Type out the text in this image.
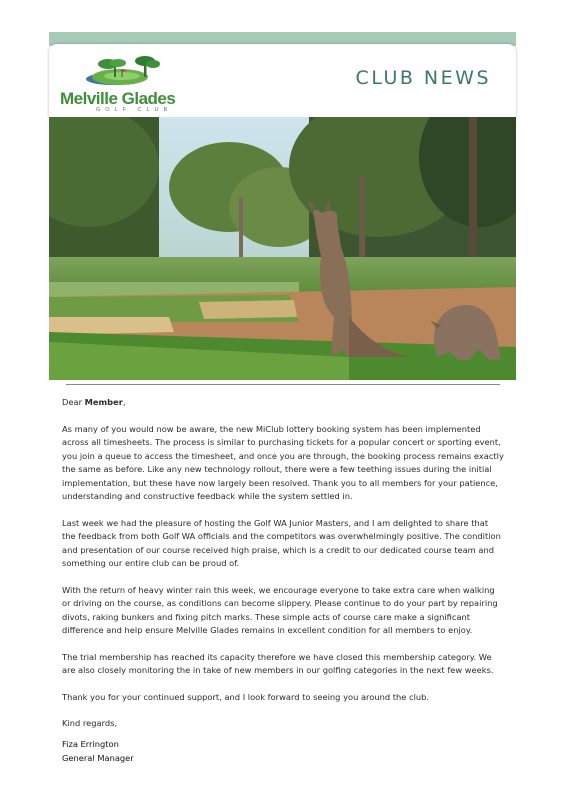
Melville Glades
GOLF CLUB
CLUB NEWS

Dear Member,

As many of you would now be aware, the new MiClub lottery booking system has been implemented across all timesheets. The process is similar to purchasing tickets for a popular concert or sporting event, you join a queue to access the timesheet, and once you are through, the booking process remains exactly the same as before. Like any new technology rollout, there were a few teething issues during the initial implementation, but these have now largely been resolved. Thank you to all members for your patience, understanding and constructive feedback while the system settled in.

Last week we had the pleasure of hosting the Golf WA Junior Masters, and I am delighted to share that the feedback from both Golf WA officials and the competitors was overwhelmingly positive. The condition and presentation of our course received high praise, which is a credit to our dedicated course team and something our entire club can be proud of.

With the return of heavy winter rain this week, we encourage everyone to take extra care when walking or driving on the course, as conditions can become slippery. Please continue to do your part by repairing divots, raking bunkers and fixing pitch marks. These simple acts of course care make a significant difference and help ensure Melville Glades remains in excellent condition for all members to enjoy.

The trial membership has reached its capacity therefore we have closed this membership category. We are also closely monitoring the in take of new members in our golfing categories in the next few weeks.

Thank you for your continued support, and I look forward to seeing you around the club.

Kind regards,

Fiza Errington
General Manager
